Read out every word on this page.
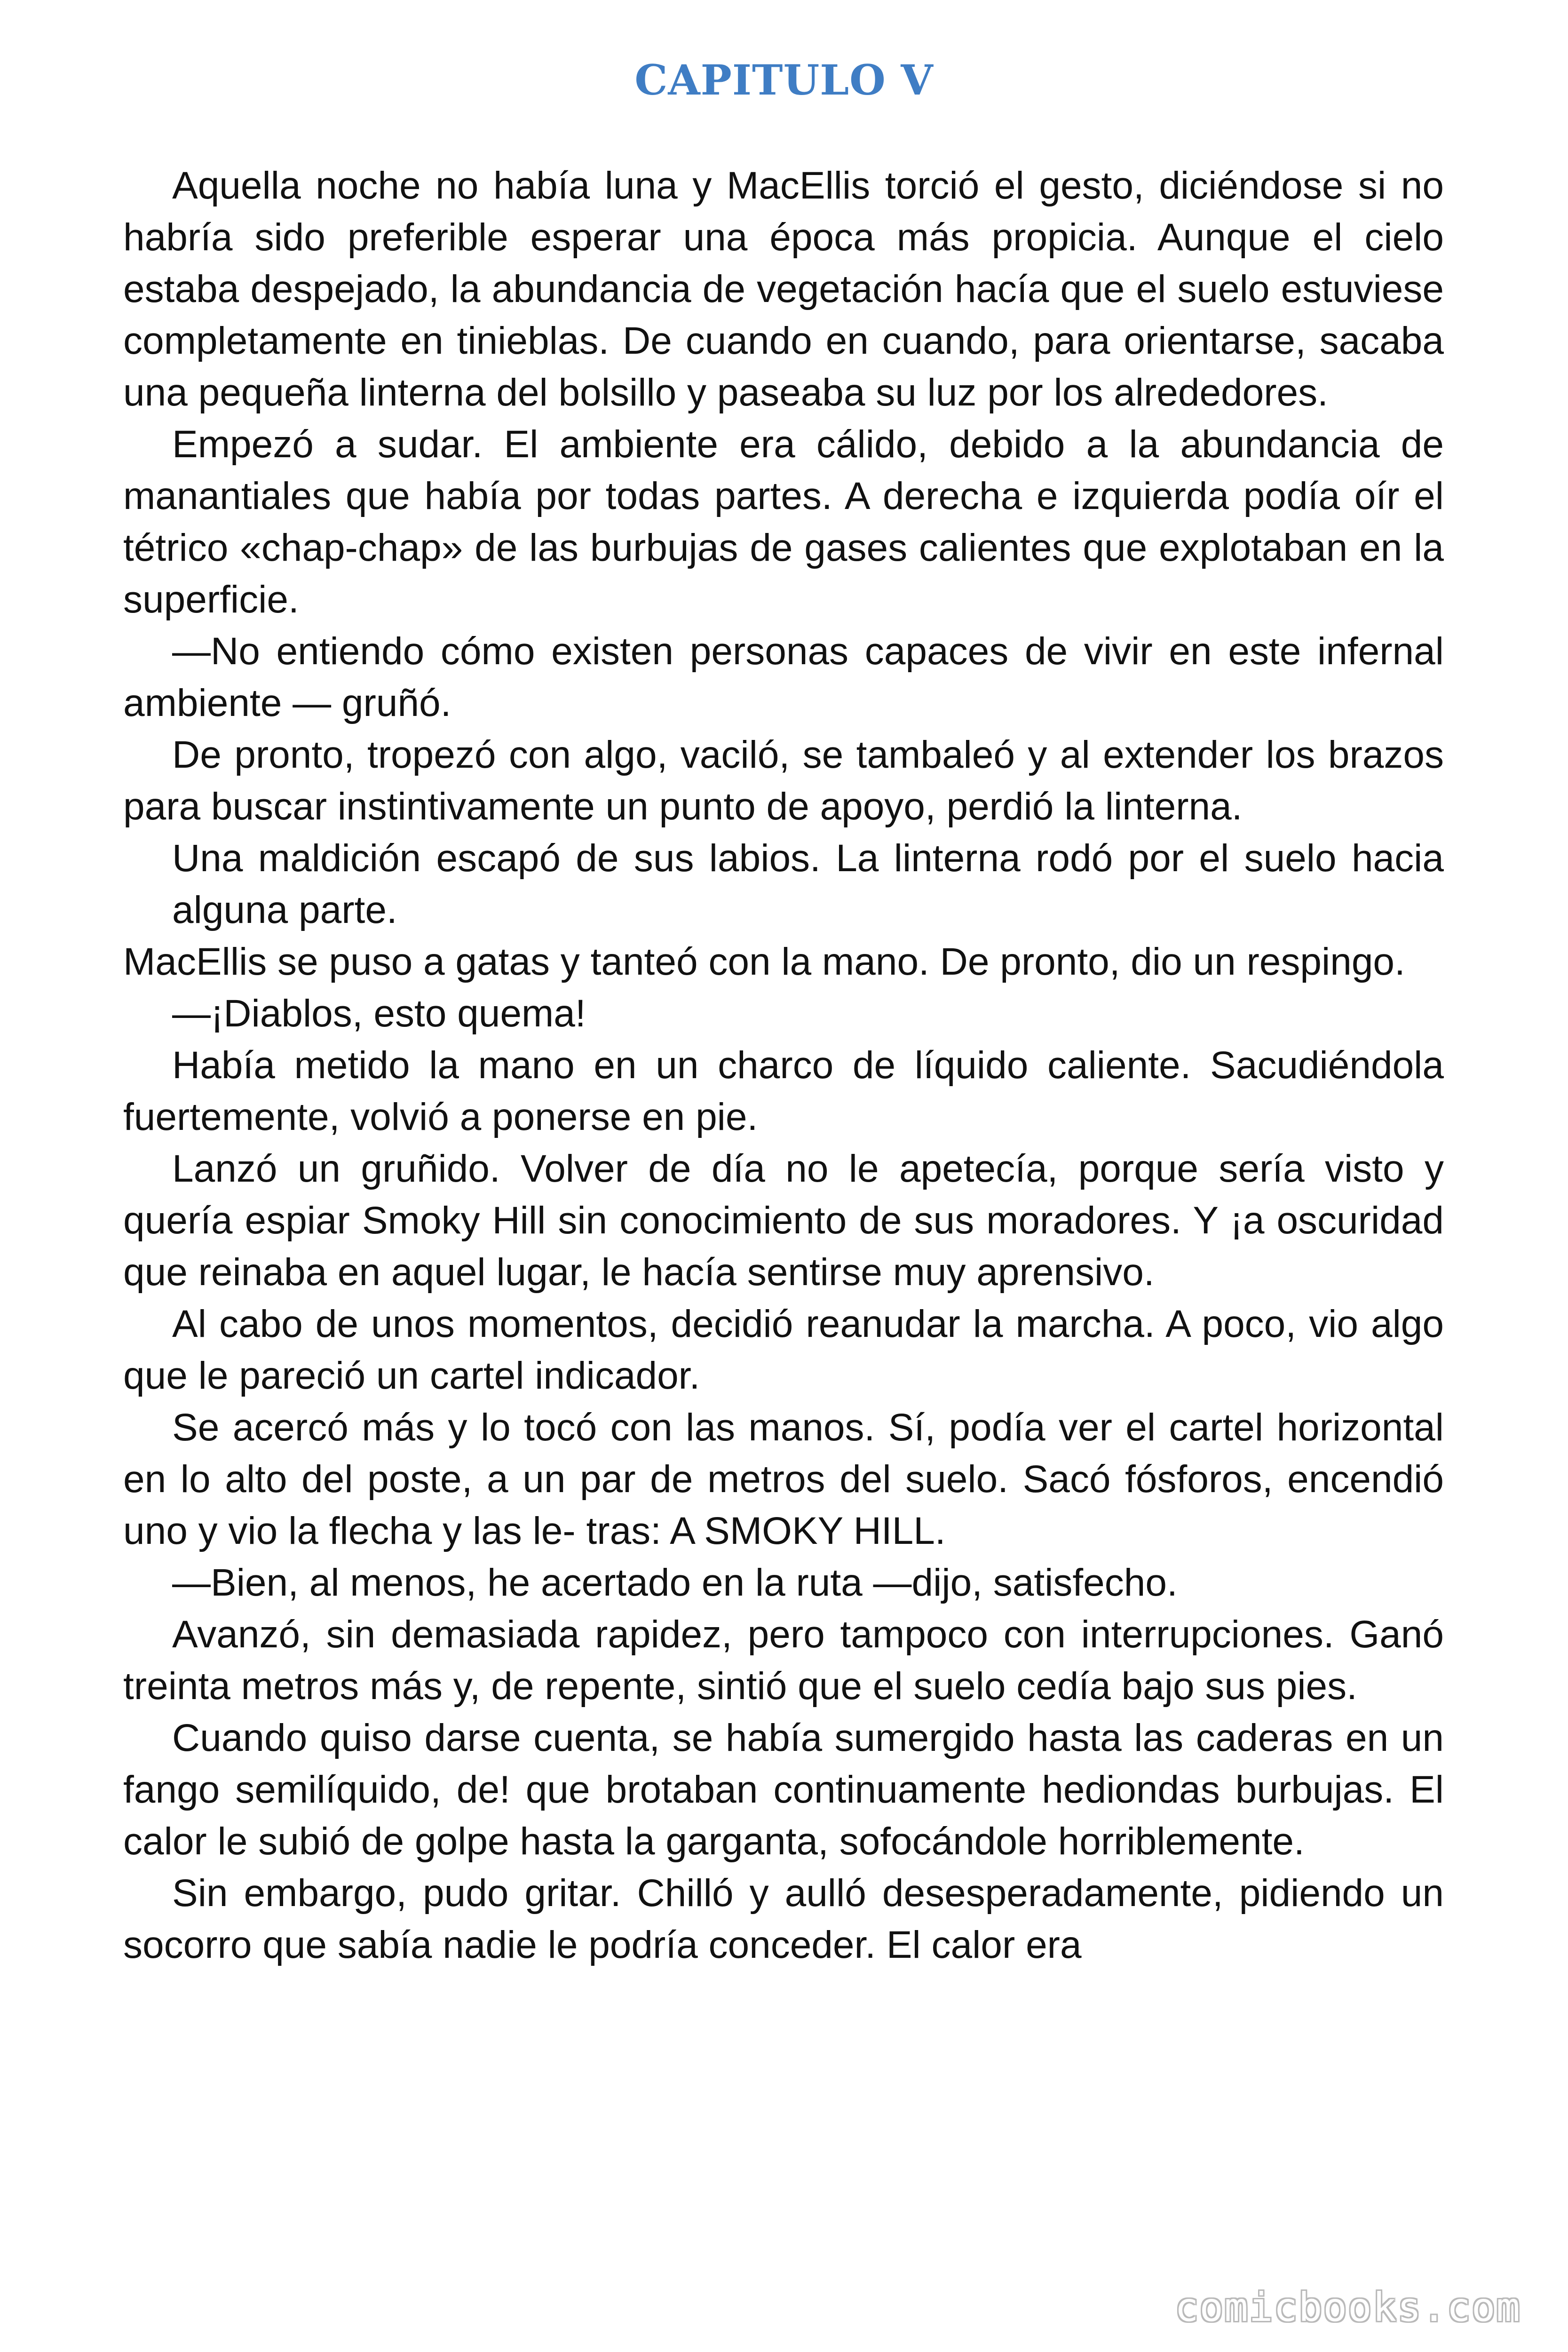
CAPITULO V

Aquella noche no había luna y MacEllis torció el gesto, diciéndose si no habría sido preferible esperar una época más propicia. Aunque el cielo estaba despejado, la abundancia de vegetación hacía que el suelo estuviese completamente en tinieblas. De cuando en cuando, para orientarse, sacaba una pequeña linterna del bolsillo y paseaba su luz por los alrededores.

Empezó a sudar. El ambiente era cálido, debido a la abundancia de manantiales que había por todas partes. A derecha e izquierda podía oír el tétrico «chap-chap» de las burbujas de gases calientes que explotaban en la superficie.

—No entiendo cómo existen personas capaces de vivir en este infernal ambiente — gruñó.

De pronto, tropezó con algo, vaciló, se tambaleó y al extender los brazos para buscar instintivamente un punto de apoyo, perdió la linterna.

Una maldición escapó de sus labios. La linterna rodó por el suelo hacia alguna parte.

MacEllis se puso a gatas y tanteó con la mano. De pronto, dio un respingo.

—¡Diablos, esto quema!

Había metido la mano en un charco de líquido caliente. Sacudiéndola fuertemente, volvió a ponerse en pie.

Lanzó un gruñido. Volver de día no le apetecía, porque sería visto y quería espiar Smoky Hill sin conocimiento de sus moradores. Y ¡a oscuridad que reinaba en aquel lugar, le hacía sentirse muy aprensivo.

Al cabo de unos momentos, decidió reanudar la marcha. A poco, vio algo que le pareció un cartel indicador.

Se acercó más y lo tocó con las manos. Sí, podía ver el cartel horizontal en lo alto del poste, a un par de metros del suelo. Sacó fósforos, encendió uno y vio la flecha y las le- tras: A SMOKY HILL.

—Bien, al menos, he acertado en la ruta —dijo, satisfecho.

Avanzó, sin demasiada rapidez, pero tampoco con interrupciones. Ganó treinta metros más y, de repente, sintió que el suelo cedía bajo sus pies.

Cuando quiso darse cuenta, se había sumergido hasta las caderas en un fango semilíquido, de! que brotaban continuamente hediondas burbujas. El calor le subió de golpe hasta la garganta, sofocándole horriblemente.

Sin embargo, pudo gritar. Chilló y aulló desesperadamente, pidiendo un socorro que sabía nadie le podría conceder. El calor era

comicbooks.com
